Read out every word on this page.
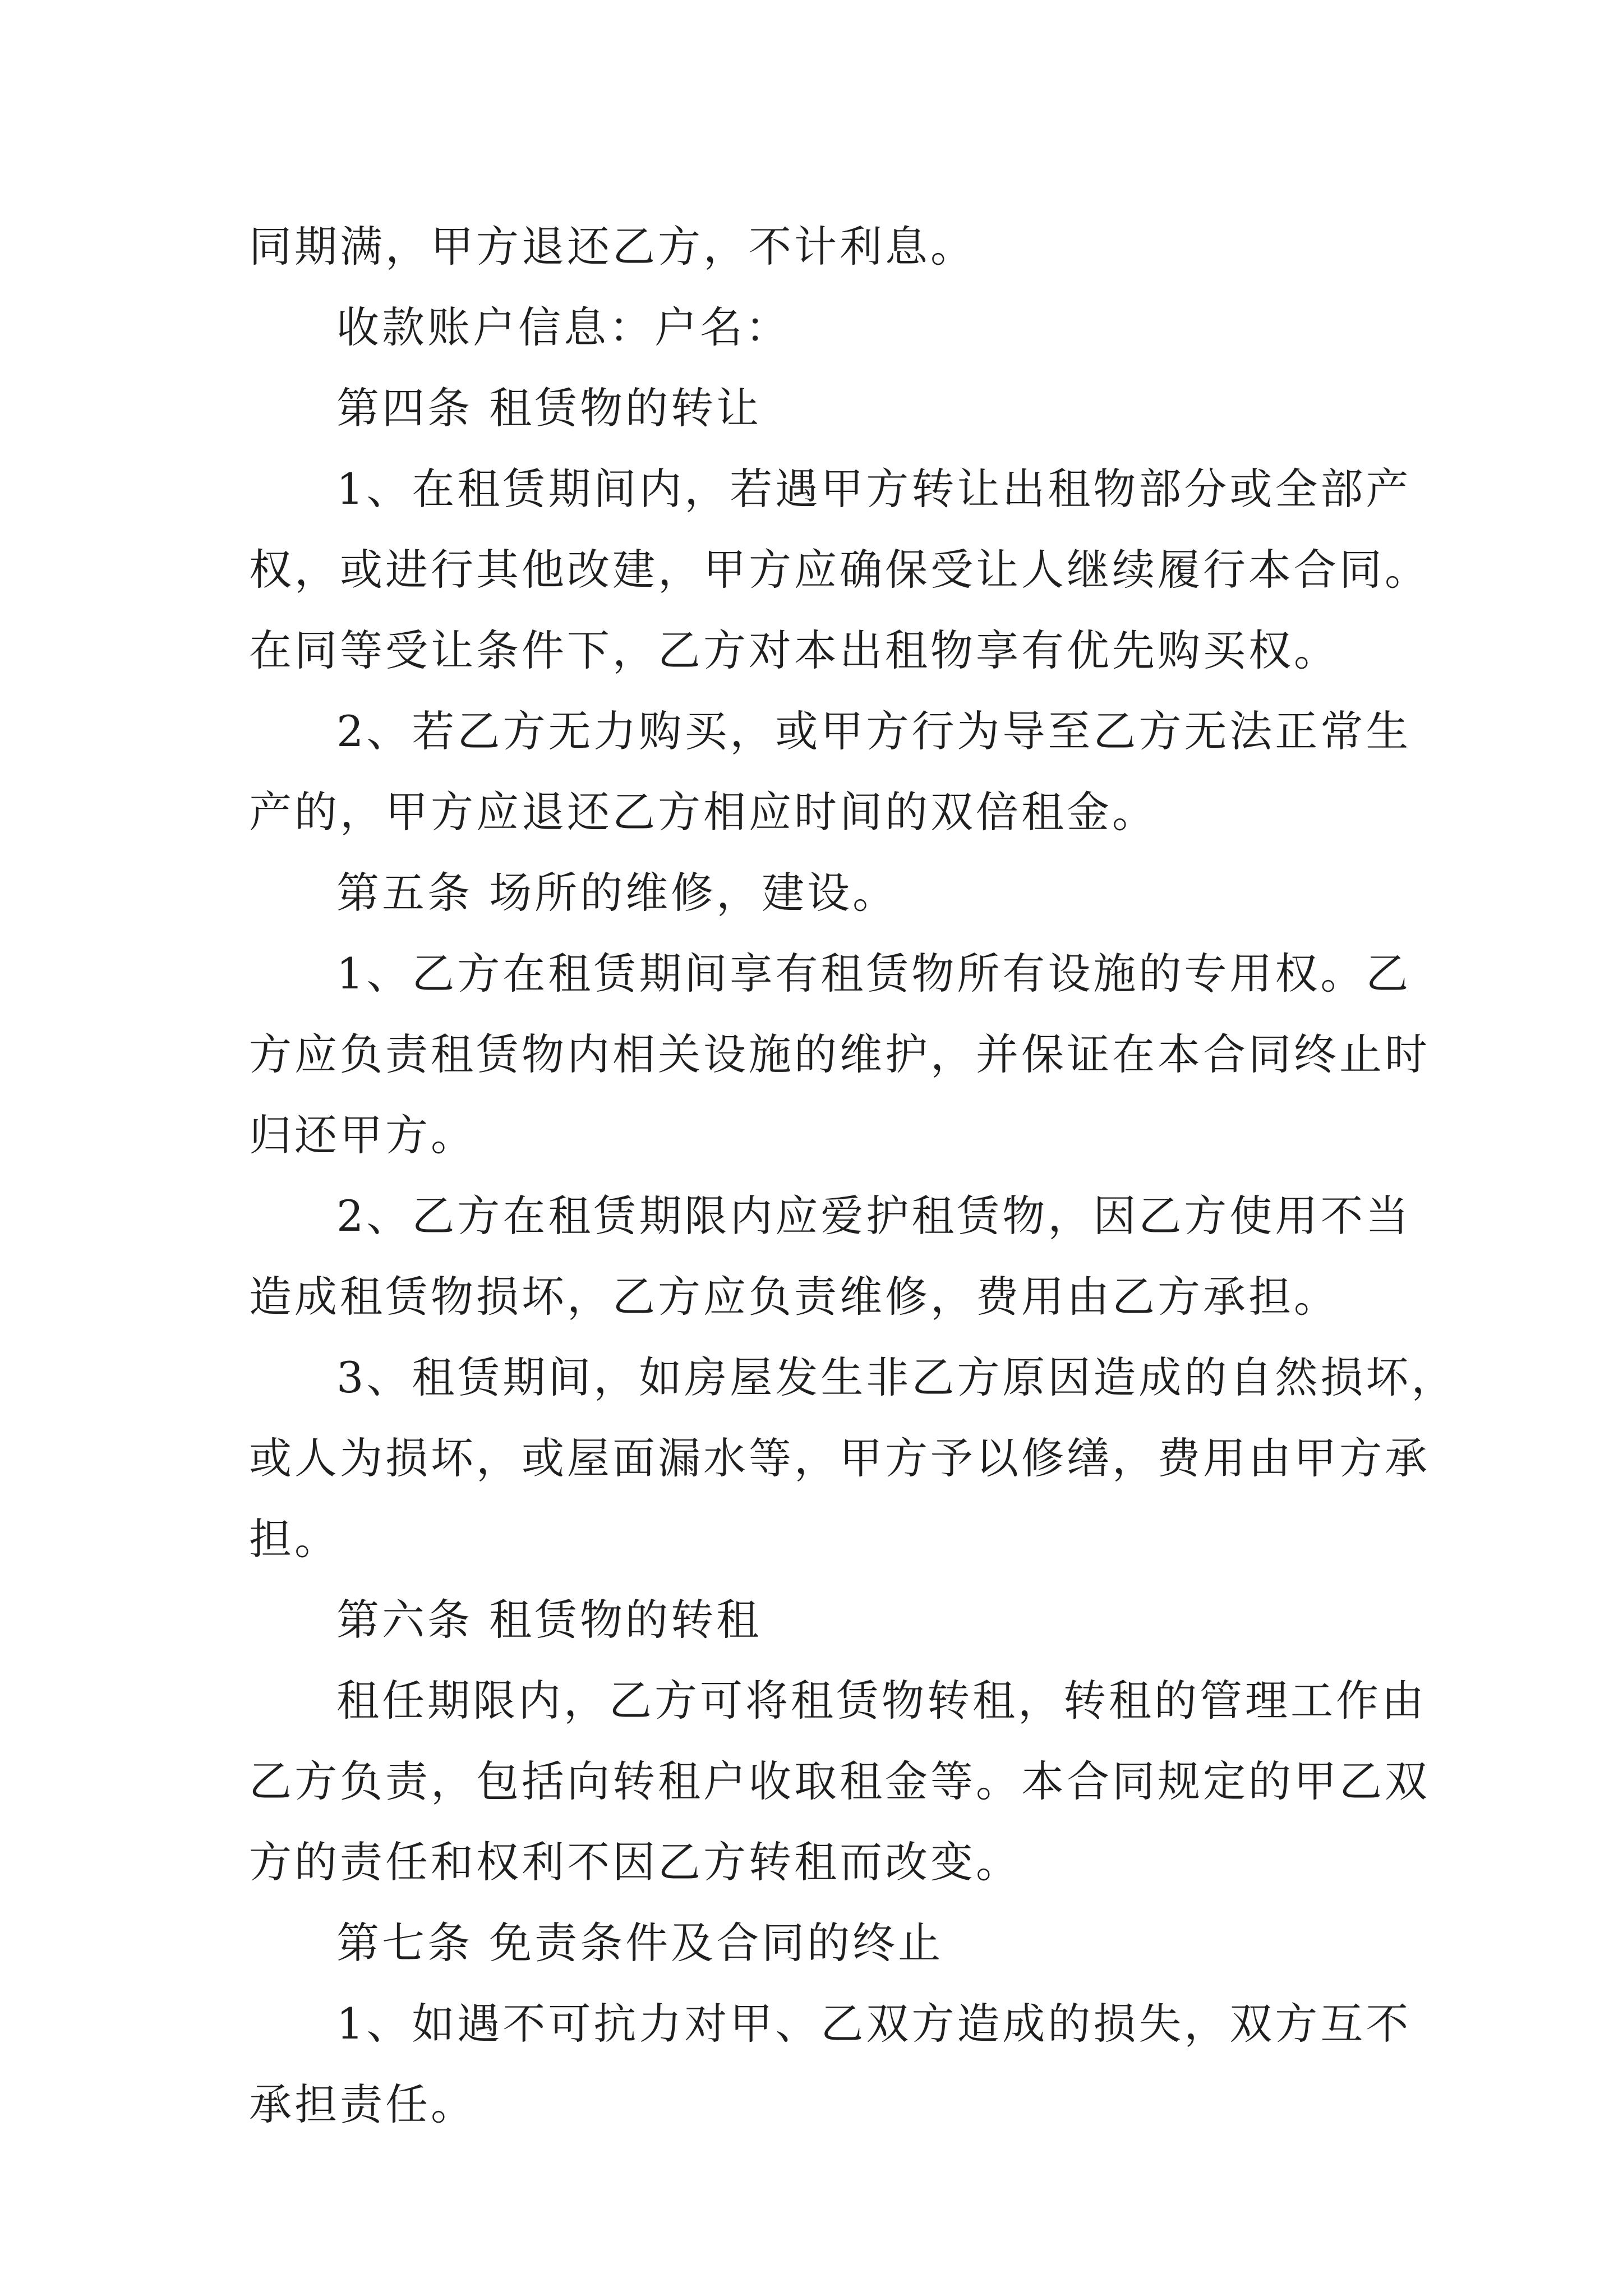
同期满，甲方退还乙方，不计利息。
收款账户信息：户名：
第四条 租赁物的转让
1、在租赁期间内，若遇甲方转让出租物部分或全部产
权，或进行其他改建，甲方应确保受让人继续履行本合同。
在同等受让条件下，乙方对本出租物享有优先购买权。
2、若乙方无力购买，或甲方行为导至乙方无法正常生
产的，甲方应退还乙方相应时间的双倍租金。
第五条 场所的维修，建设。
1、乙方在租赁期间享有租赁物所有设施的专用权。乙
方应负责租赁物内相关设施的维护，并保证在本合同终止时
归还甲方。
2、乙方在租赁期限内应爱护租赁物，因乙方使用不当
造成租赁物损坏，乙方应负责维修，费用由乙方承担。
3、租赁期间，如房屋发生非乙方原因造成的自然损坏，
或人为损坏，或屋面漏水等，甲方予以修缮，费用由甲方承
担。
第六条 租赁物的转租
租任期限内，乙方可将租赁物转租，转租的管理工作由
乙方负责，包括向转租户收取租金等。本合同规定的甲乙双
方的责任和权利不因乙方转租而改变。
第七条 免责条件及合同的终止
1、如遇不可抗力对甲、乙双方造成的损失，双方互不
承担责任。
